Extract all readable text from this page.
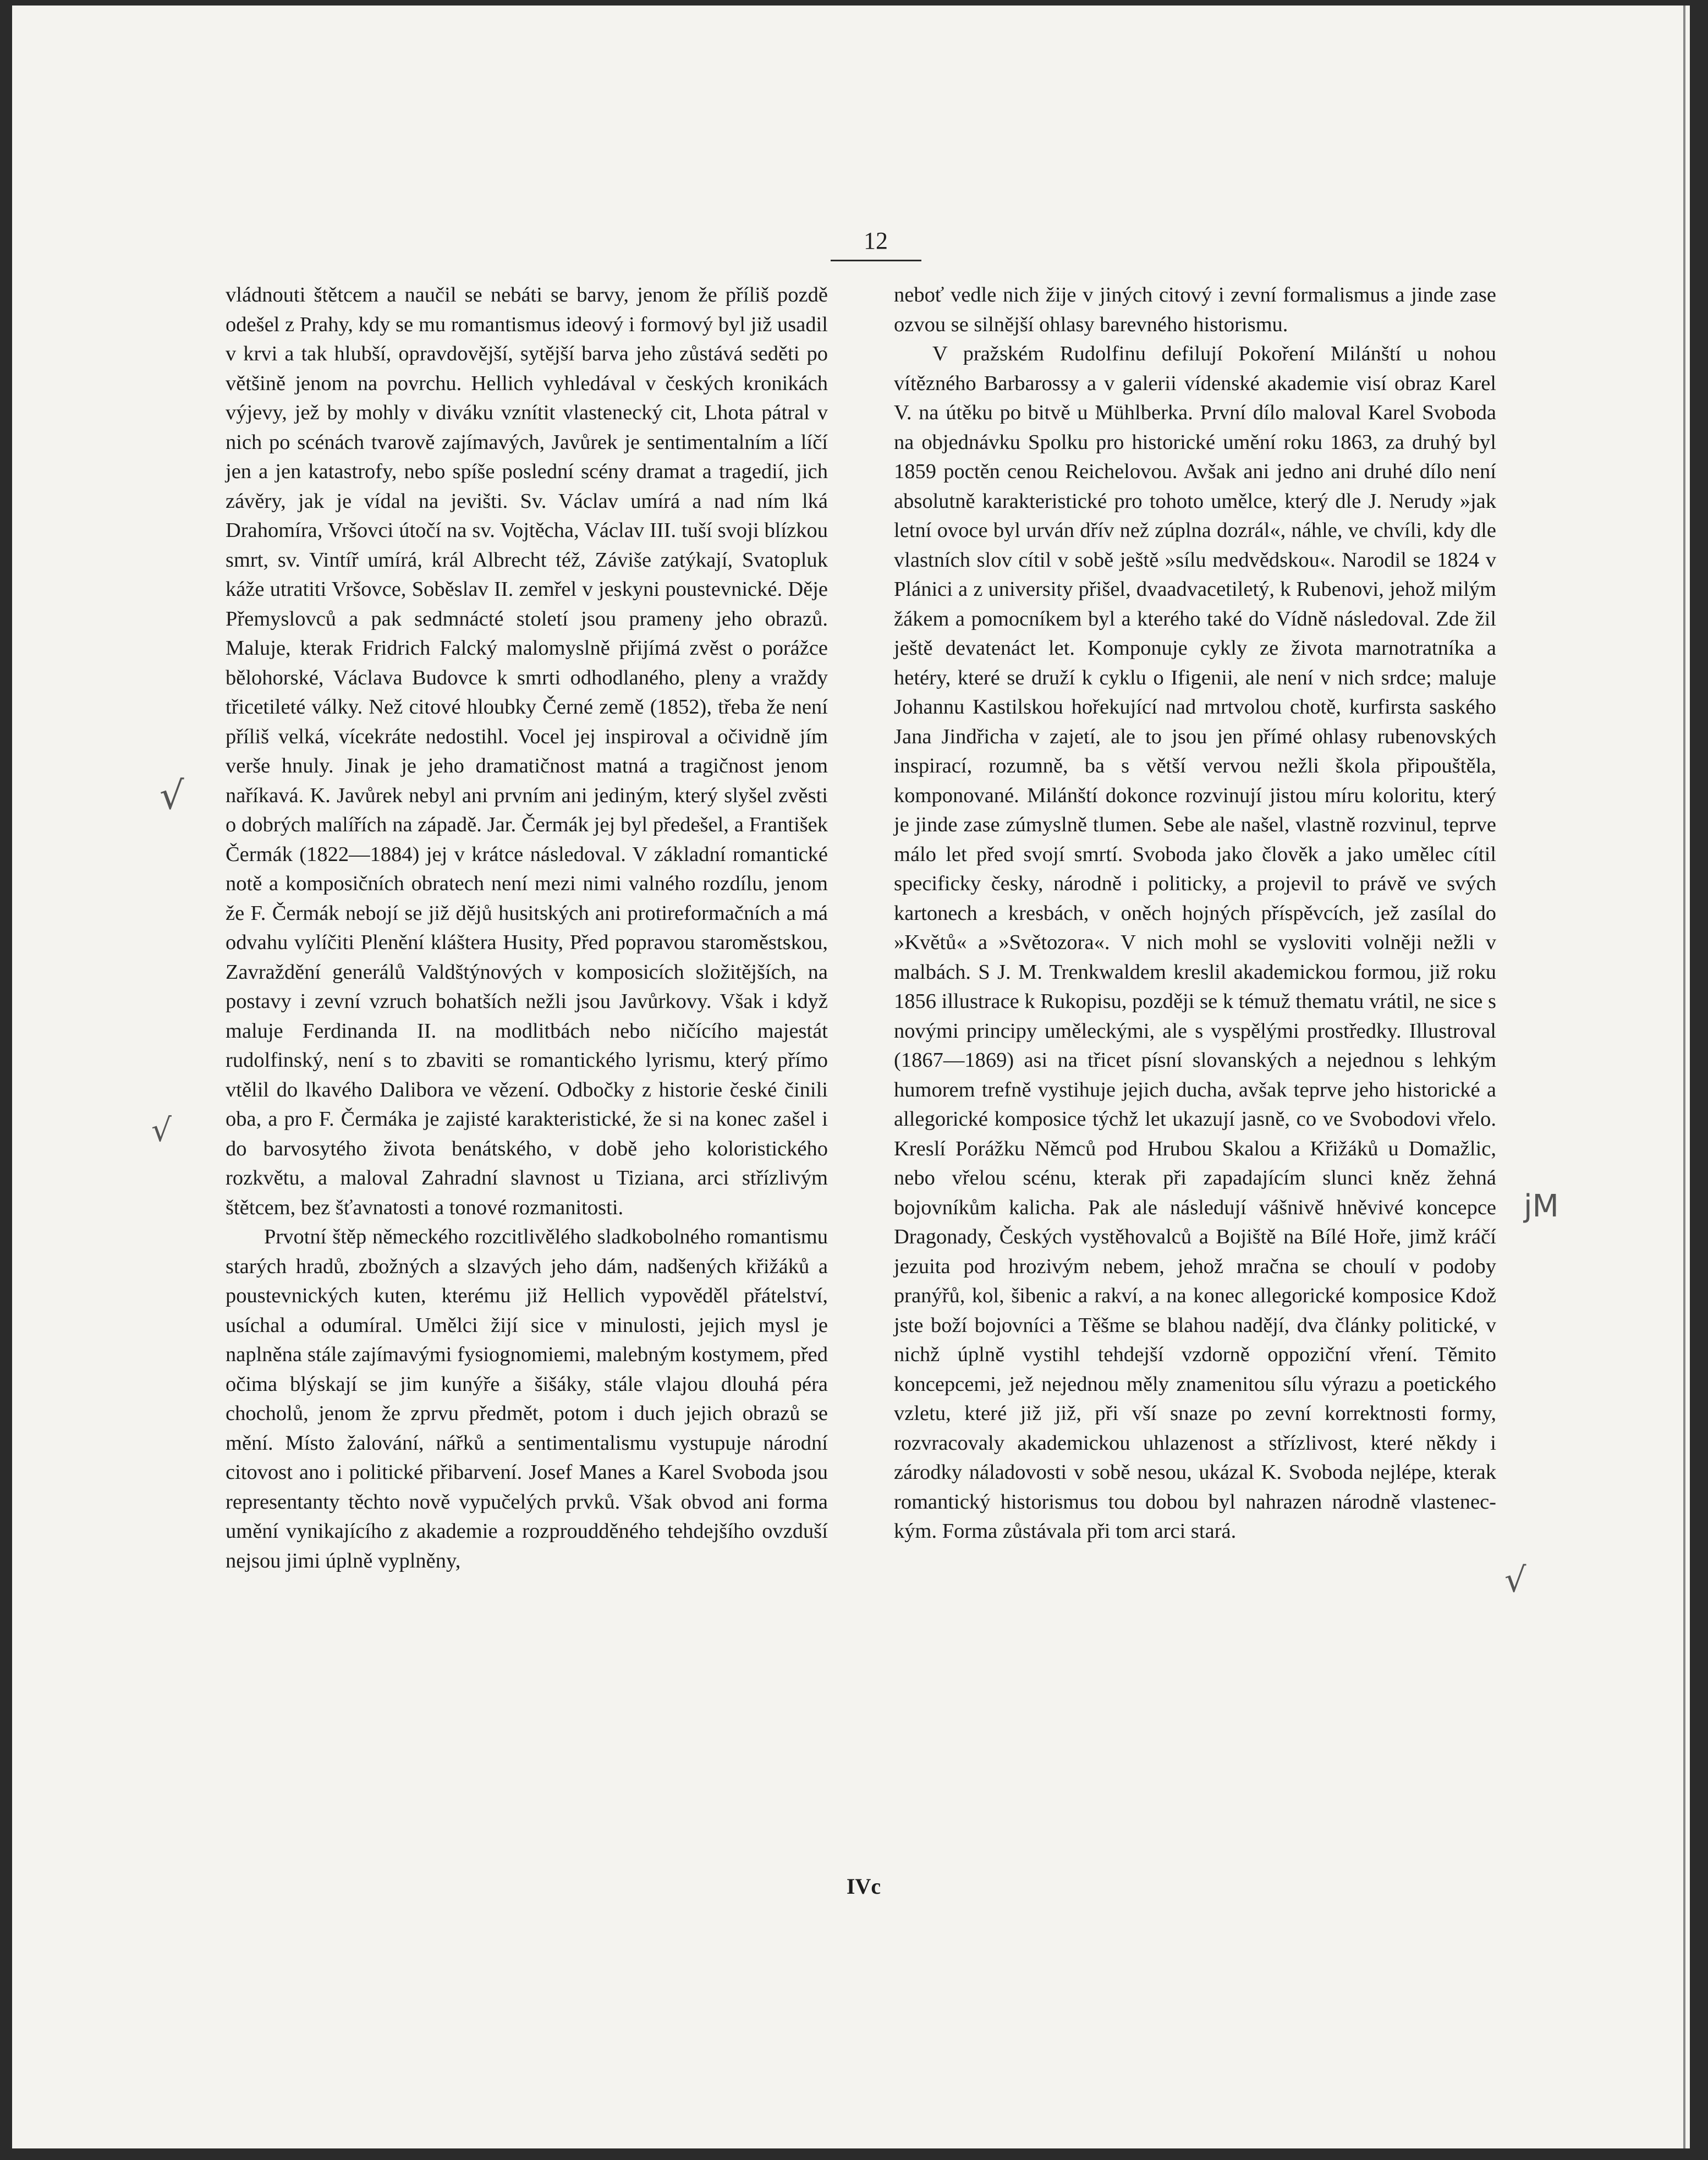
12

vládnouti štětcem a naučil se nebáti se barvy, jenom že příliš pozdě odešel z Prahy, kdy se mu romantismus ideový i formový byl již usadil v krvi a tak hlubší, opravdovější, sytější barva jeho zůstává seděti po většině jenom na povrchu. Hellich vyhledával v českých kronikách výjevy, jež by mohly v diváku vznítit vlastenecký cit, Lhota pátral v nich po scénách tvarově zajímavých, Javůrek je sentimentalním a líčí jen a jen katastrofy, nebo spíše poslední scény dramat a tragedií, jich závěry, jak je vídal na jevišti. Sv. Václav umírá a nad ním lká Drahomíra, Vršovci útočí na sv. Vojtěcha, Václav III. tuší svoji blízkou smrt, sv. Vintíř umírá, král Albrecht též, Záviše zatýkají, Svatopluk káže utratiti Vršovce, Soběslav II. zemřel v jeskyni poustevnické. Děje Přemyslovců a pak sedmnácté století jsou prameny jeho obrazů. Maluje, kterak Fridrich Falcký malomyslně přijímá zvěst o porážce bělohorské, Václava Budovce k smrti odhodlaného, pleny a vraždy třicetileté války. Než citové hloubky Černé země (1852), třeba že není příliš velká, vícekráte nedostihl. Vocel jej inspiroval a očividně jím verše hnuly. Jinak je jeho dramatičnost matná a tragičnost jenom naříkavá. K. Javůrek nebyl ani prvním ani jediným, který slyšel zvěsti o dobrých malířích na západě. Jar. Čermák jej byl předešel, a František Čermák (1822—1884) jej v krátce následoval. V základní romantické notě a komposičních obratech není mezi nimi valného rozdílu, jenom že F. Čermák nebojí se již dějů husitských ani protireformačních a má odvahu vylíčiti Plenění kláštera Husity, Před popravou staroměstskou, Zavraždění generálů Valdštýnových v komposicích složitějších, na postavy i zevní vzruch bohatších nežli jsou Javůrkovy. Však i když maluje Ferdinanda II. na modlitbách nebo ničícího majestát rudolfinský, není s to zbaviti se romantického lyrismu, který přímo vtělil do lkavého Dalibora ve vězení. Odbočky z historie české činili oba, a pro F. Čermáka je zajisté karakteristické, že si na konec zašel i do barvosytého života benátského, v době jeho koloristického rozkvětu, a maloval Zahradní slavnost u Tiziana, arci střízlivým štětcem, bez šťavnatosti a tonové rozmanitosti.

Prvotní štěp německého rozcitlivělého sladkobolného romantismu starých hradů, zbožných a slzavých jeho dám, nadšených křižáků a poustevnických kuten, kterému již Hellich vypověděl přátelství, usíchal a odumíral. Umělci žijí sice v minulosti, jejich mysl je naplněna stále zajímavými fysiognomiemi, malebným kostymem, před očima blýskají se jim kunýře a šišáky, stále vlajou dlouhá péra chocholů, jenom že zprvu předmět, potom i duch jejich obrazů se mění. Místo žalování, nářků a sentimentalismu vystupuje národní citovost ano i politické přibarvení. Josef Manes a Karel Svoboda jsou representanty těchto nově vypučelých prvků. Však obvod ani forma umění vynikajícího z akademie a rozproudděného tehdejšího ovzduší nejsou jimi úplně vyplněny,

neboť vedle nich žije v jiných citový i zevní formalismus a jinde zase ozvou se silnější ohlasy barevného historismu.

V pražském Rudolfinu defilují Pokoření Milánští u nohou vítězného Barbarossy a v galerii vídenské akademie visí obraz Karel V. na útěku po bitvě u Mühlberka. První dílo maloval Karel Svoboda na objednávku Spolku pro historické umění roku 1863, za druhý byl 1859 poctěn cenou Reichelovou. Avšak ani jedno ani druhé dílo není absolutně karakteristické pro tohoto umělce, který dle J. Nerudy »jak letní ovoce byl urván dřív než zúplna dozrál«, náhle, ve chvíli, kdy dle vlastních slov cítil v sobě ještě »sílu medvědskou«. Narodil se 1824 v Plánici a z university přišel, dvaadvacetiletý, k Rubenovi, jehož milým žákem a pomocníkem byl a kterého také do Vídně následoval. Zde žil ještě devatenáct let. Komponuje cykly ze života marnotratníka a hetéry, které se druží k cyklu o Ifigenii, ale není v nich srdce; maluje Johannu Kastilskou hořekující nad mrtvolou chotě, kurfirsta saského Jana Jindřicha v zajetí, ale to jsou jen přímé ohlasy rubenovských inspirací, rozumně, ba s větší vervou nežli škola připouštěla, komponované. Milánští dokonce rozvinují jistou míru koloritu, který je jinde zase zúmyslně tlumen. Sebe ale našel, vlastně rozvinul, teprve málo let před svojí smrtí. Svoboda jako člověk a jako umělec cítil specificky česky, národně i politicky, a projevil to právě ve svých kartonech a kresbách, v oněch hojných příspěvcích, jež zasílal do »Květů« a »Světozora«. V nich mohl se vysloviti volněji nežli v malbách. S J. M. Trenkwaldem kreslil akademickou formou, již roku 1856 illustrace k Rukopisu, později se k témuž thematu vrátil, ne sice s novými principy uměleckými, ale s vyspělými prostředky. Illustroval (1867—1869) asi na třicet písní slovanských a nejednou s lehkým humorem trefně vystihuje jejich ducha, avšak teprve jeho historické a allegorické komposice týchž let ukazují jasně, co ve Svobodovi vřelo. Kreslí Porážku Němců pod Hrubou Skalou a Křižáků u Domažlic, nebo vřelou scénu, kterak při zapadajícím slunci kněz žehná bojovníkům kalicha. Pak ale následují vášnivě hněvivé koncepce Dragonady, Českých vystěhovalců a Bojiště na Bílé Hoře, jimž kráčí jezuita pod hrozivým nebem, jehož mračna se choulí v podoby pranýřů, kol, šibenic a rakví, a na konec allegorické komposice Kdož jste boží bojovníci a Těšme se blahou nadějí, dva články politické, v nichž úplně vystihl tehdejší vzdorně oppoziční vření. Těmito koncepcemi, jež nejednou měly znamenitou sílu výrazu a poetického vzletu, které již již, při vší snaze po zevní korrektnosti formy, rozvracovaly akademickou uhlazenost a střízlivost, které někdy i zárodky náladovosti v sobě nesou, ukázal K. Svoboda nejlépe, kterak romantický historismus tou dobou byl nahrazen národně vlasteneckým. Forma zůstávala při tom arci stará.

IVc
√
√
jM
√
